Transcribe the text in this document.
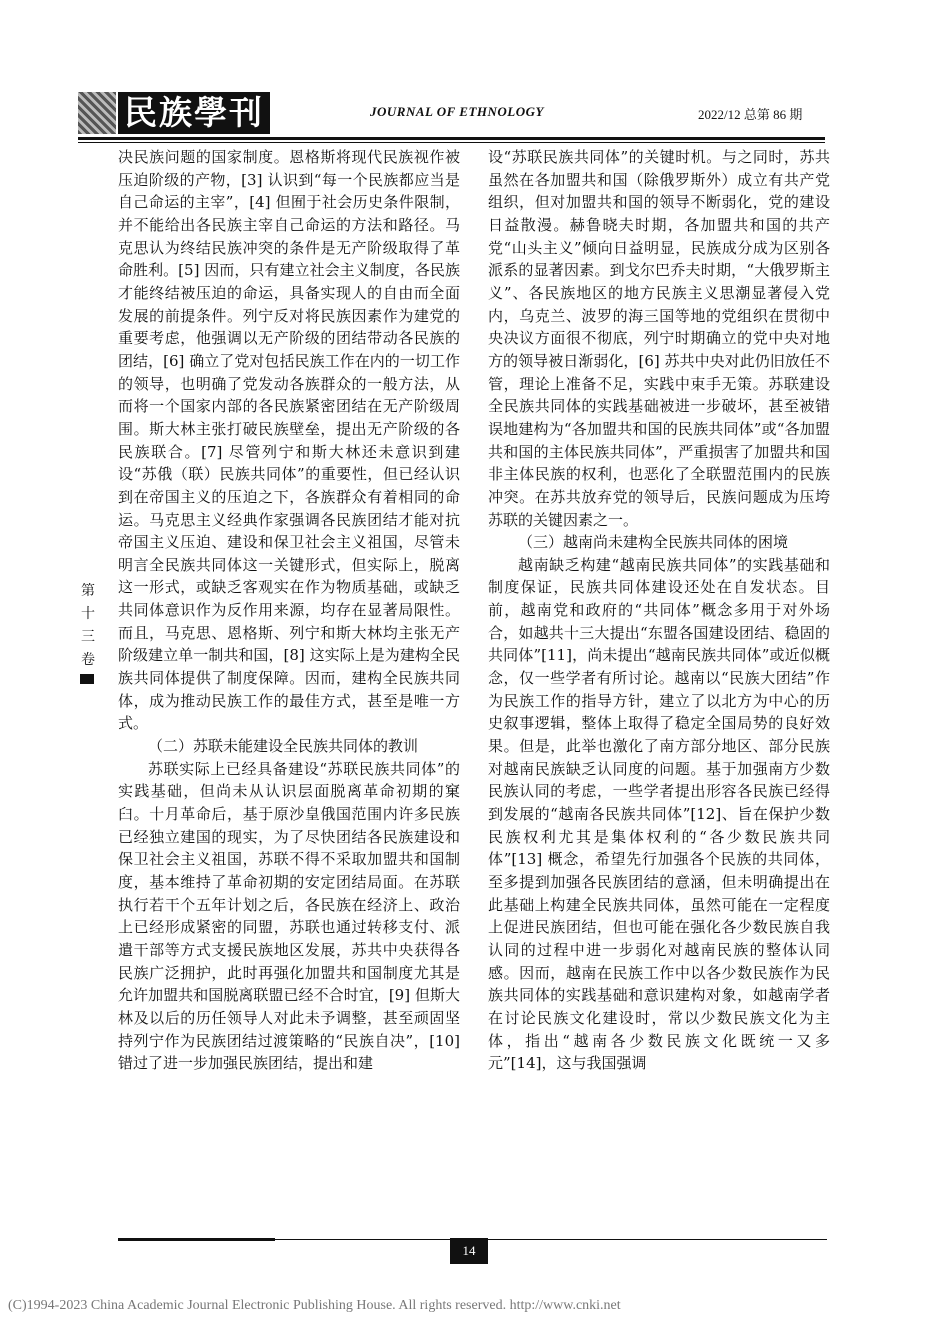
民族學刊	JOURNAL OF ETHNOLOGY	2022/12 总第 86 期
第
十
三
卷

决民族问题的国家制度。恩格斯将现代民族视作被压迫阶级的产物，[3] 认识到“每一个民族都应当是自己命运的主宰”，[4] 但囿于社会历史条件限制，并不能给出各民族主宰自己命运的方法和路径。马克思认为终结民族冲突的条件是无产阶级取得了革命胜利。[5] 因而，只有建立社会主义制度，各民族才能终结被压迫的命运，具备实现人的自由而全面发展的前提条件。列宁反对将民族因素作为建党的重要考虑，他强调以无产阶级的团结带动各民族的团结，[6] 确立了党对包括民族工作在内的一切工作的领导，也明确了党发动各族群众的一般方法，从而将一个国家内部的各民族紧密团结在无产阶级周围。斯大林主张打破民族壁垒，提出无产阶级的各民族联合。[7] 尽管列宁和斯大林还未意识到建设“苏俄（联）民族共同体”的重要性，但已经认识到在帝国主义的压迫之下，各族群众有着相同的命运。马克思主义经典作家强调各民族团结才能对抗帝国主义压迫、建设和保卫社会主义祖国，尽管未明言全民族共同体这一关键形式，但实际上，脱离这一形式，或缺乏客观实在作为物质基础，或缺乏共同体意识作为反作用来源，均存在显著局限性。而且，马克思、恩格斯、列宁和斯大林均主张无产阶级建立单一制共和国，[8] 这实际上是为建构全民族共同体提供了制度保障。因而，建构全民族共同体，成为推动民族工作的最佳方式，甚至是唯一方式。

（二）苏联未能建设全民族共同体的教训

苏联实际上已经具备建设“苏联民族共同体”的实践基础，但尚未从认识层面脱离革命初期的窠臼。十月革命后，基于原沙皇俄国范围内许多民族已经独立建国的现实，为了尽快团结各民族建设和保卫社会主义祖国，苏联不得不采取加盟共和国制度，基本维持了革命初期的安定团结局面。在苏联执行若干个五年计划之后，各民族在经济上、政治上已经形成紧密的同盟，苏联也通过转移支付、派遣干部等方式支援民族地区发展，苏共中央获得各民族广泛拥护，此时再强化加盟共和国制度尤其是允许加盟共和国脱离联盟已经不合时宜，[9] 但斯大林及以后的历任领导人对此未予调整，甚至顽固坚持列宁作为民族团结过渡策略的“民族自决”，[10] 错过了进一步加强民族团结，提出和建

设“苏联民族共同体”的关键时机。与之同时，苏共虽然在各加盟共和国（除俄罗斯外）成立有共产党组织，但对加盟共和国的领导不断弱化，党的建设日益散漫。赫鲁晓夫时期，各加盟共和国的共产党“山头主义”倾向日益明显，民族成分成为区别各派系的显著因素。到戈尔巴乔夫时期，“大俄罗斯主义”、各民族地区的地方民族主义思潮显著侵入党内，乌克兰、波罗的海三国等地的党组织在贯彻中央决议方面很不彻底，列宁时期确立的党中央对地方的领导被日渐弱化，[6] 苏共中央对此仍旧放任不管，理论上准备不足，实践中束手无策。苏联建设全民族共同体的实践基础被进一步破坏，甚至被错误地建构为“各加盟共和国的民族共同体”或“各加盟共和国的主体民族共同体”，严重损害了加盟共和国非主体民族的权利，也恶化了全联盟范围内的民族冲突。在苏共放弃党的领导后，民族问题成为压垮苏联的关键因素之一。

（三）越南尚未建构全民族共同体的困境

越南缺乏构建“越南民族共同体”的实践基础和制度保证，民族共同体建设还处在自发状态。目前，越南党和政府的“共同体”概念多用于对外场合，如越共十三大提出“东盟各国建设团结、稳固的共同体”[11]，尚未提出“越南民族共同体”或近似概念，仅一些学者有所讨论。越南以“民族大团结”作为民族工作的指导方针，建立了以北方为中心的历史叙事逻辑，整体上取得了稳定全国局势的良好效果。但是，此举也激化了南方部分地区、部分民族对越南民族缺乏认同度的问题。基于加强南方少数民族认同的考虑，一些学者提出形容各民族已经得到发展的“越南各民族共同体”[12]、旨在保护少数民族权利尤其是集体权利的“各少数民族共同体”[13] 概念，希望先行加强各个民族的共同体，至多提到加强各民族团结的意涵，但未明确提出在此基础上构建全民族共同体，虽然可能在一定程度上促进民族团结，但也可能在强化各少数民族自我认同的过程中进一步弱化对越南民族的整体认同感。因而，越南在民族工作中以各少数民族作为民族共同体的实践基础和意识建构对象，如越南学者在讨论民族文化建设时，常以少数民族文化为主体，指出“越南各少数民族文化既统一又多元”[14]，这与我国强调

14
(C)1994-2023 China Academic Journal Electronic Publishing House. All rights reserved. http://www.cnki.net
